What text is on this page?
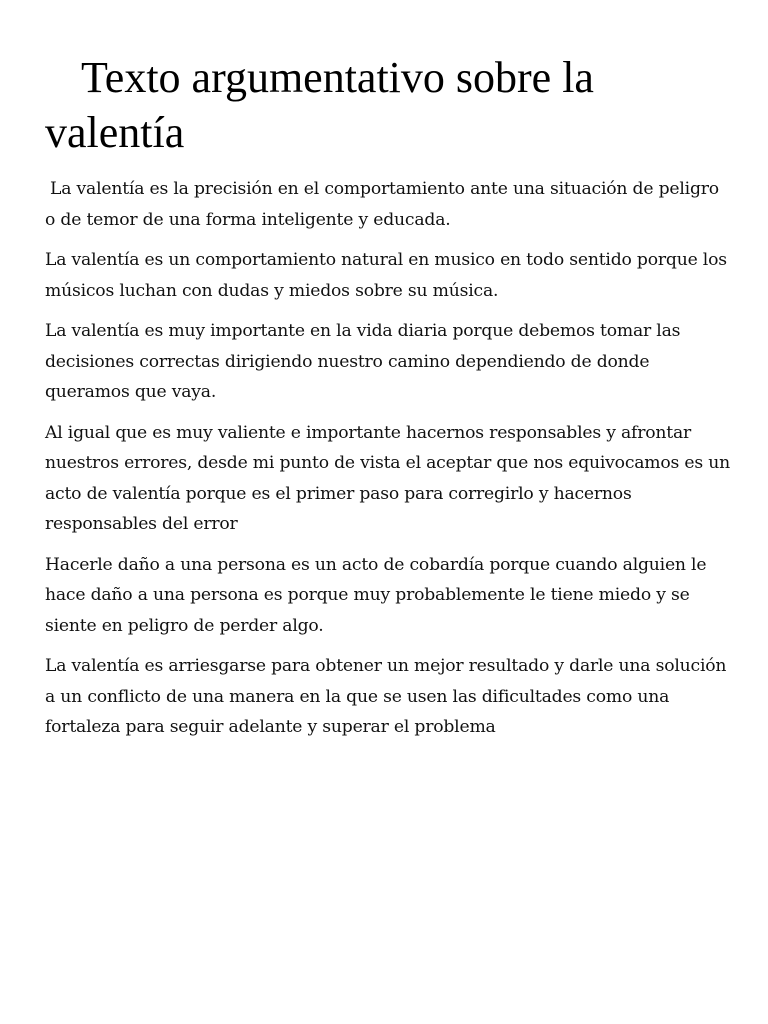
Texto argumentativo sobre la valentía

La valentía es la precisión en el comportamiento ante una situación de peligro o de temor de una forma inteligente y educada.

La valentía es un comportamiento natural en musico en todo sentido porque los músicos luchan con dudas y miedos sobre su música.

La valentía es muy importante en la vida diaria porque debemos tomar las decisiones correctas dirigiendo nuestro camino dependiendo de donde queramos que vaya.

Al igual que es muy valiente e importante hacernos responsables y afrontar nuestros errores, desde mi punto de vista el aceptar que nos equivocamos es un acto de valentía porque es el primer paso para corregirlo y hacernos responsables del error

Hacerle daño a una persona es un acto de cobardía porque cuando alguien le hace daño a una persona es porque muy probablemente le tiene miedo y se siente en peligro de perder algo.

La valentía es arriesgarse para obtener un mejor resultado y darle una solución a un conflicto de una manera en la que se usen las dificultades como una fortaleza para seguir adelante y superar el problema
